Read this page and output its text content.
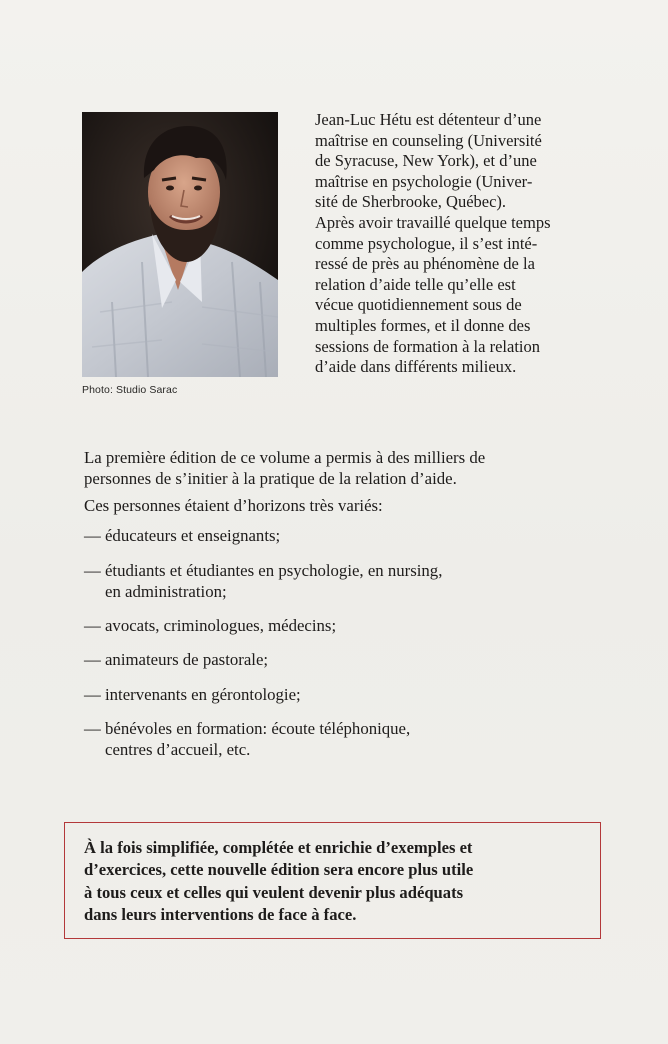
Photo: Studio Sarac

Jean-Luc Hétu est détenteur d’une
maîtrise en counseling (Université
de Syracuse, New York), et d’une
maîtrise en psychologie (Univer-
sité de Sherbrooke, Québec).

Après avoir travaillé quelque temps
comme psychologue, il s’est inté-
ressé de près au phénomène de la
relation d’aide telle qu’elle est
vécue quotidiennement sous de
multiples formes, et il donne des
sessions de formation à la relation
d’aide dans différents milieux.

La première édition de ce volume a permis à des milliers de
personnes de s’initier à la pratique de la relation d’aide.

Ces personnes étaient d’horizons très variés:

— éducateurs et enseignants;
— étudiants et étudiantes en psychologie, en nursing,
en administration;
— avocats, criminologues, médecins;
— animateurs de pastorale;
— intervenants en gérontologie;
— bénévoles en formation: écoute téléphonique,
centres d’accueil, etc.

À la fois simplifiée, complétée et enrichie d’exemples et
d’exercices, cette nouvelle édition sera encore plus utile
à tous ceux et celles qui veulent devenir plus adéquats
dans leurs interventions de face à face.
